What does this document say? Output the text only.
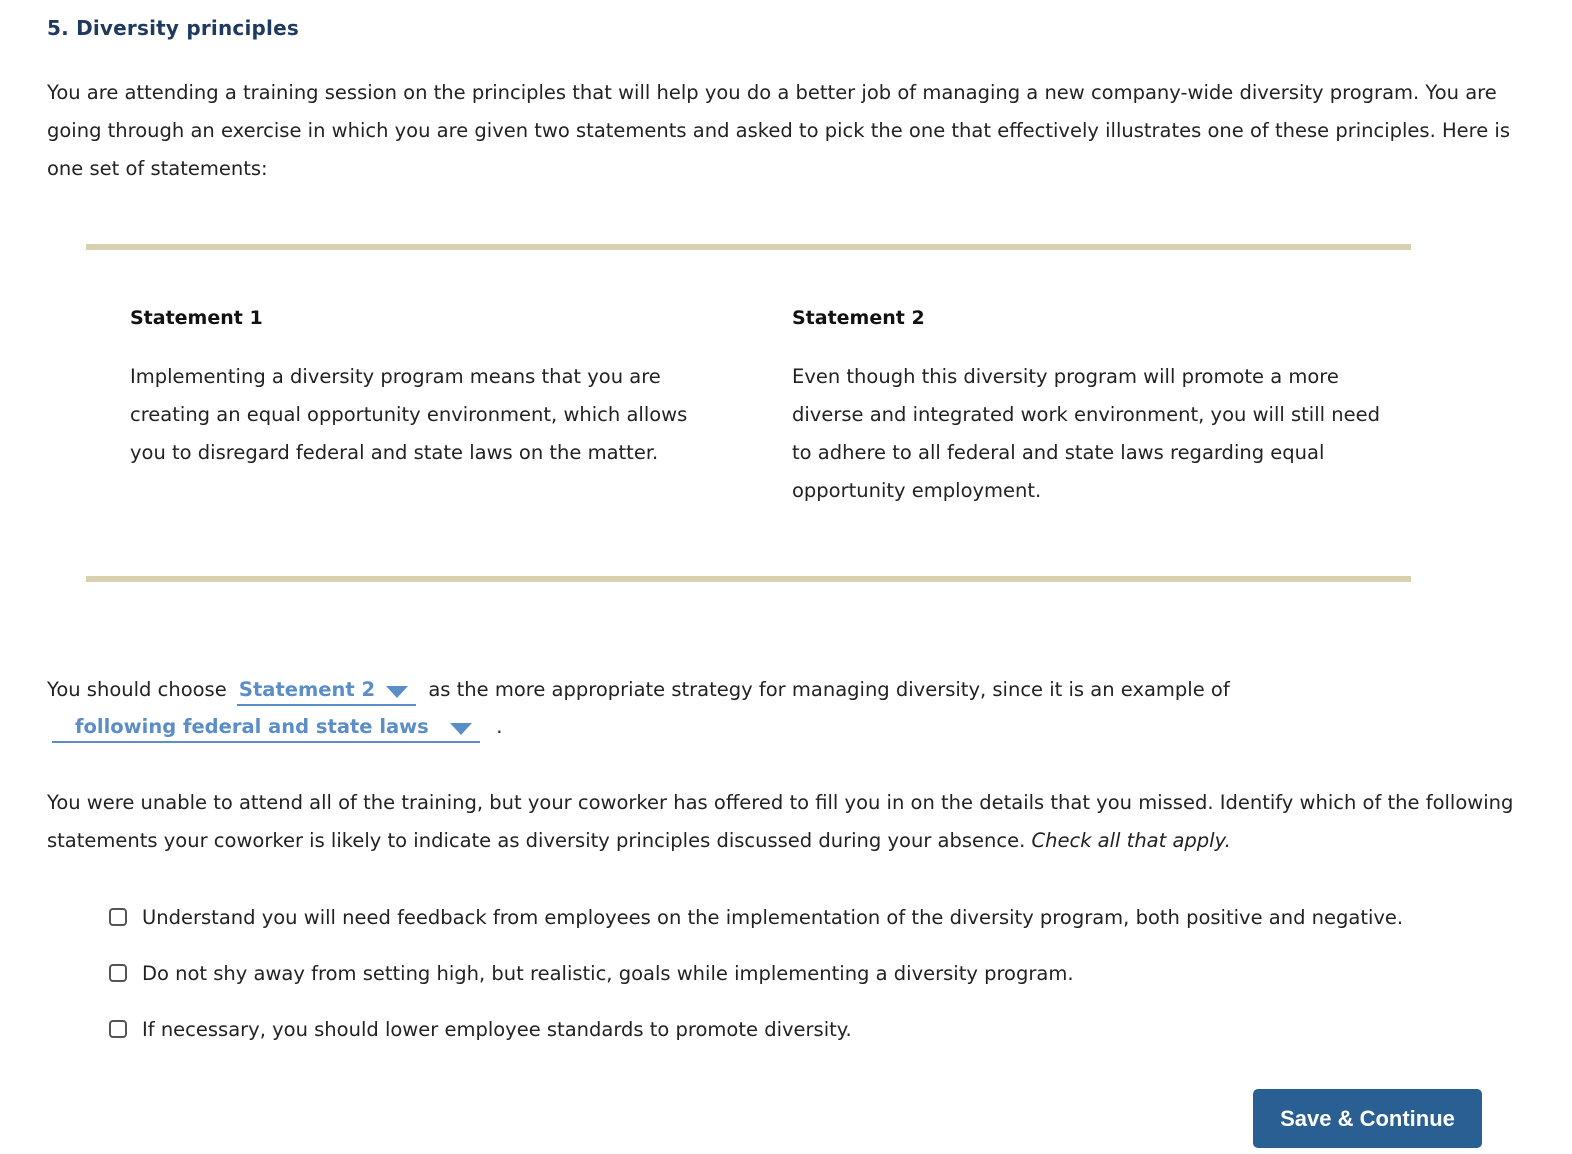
5. Diversity principles

You are attending a training session on the principles that will help you do a better job of managing a new company-wide diversity program. You are going through an exercise in which you are given two statements and asked to pick the one that effectively illustrates one of these principles. Here is one set of statements:

Statement 1

Implementing a diversity program means that you are creating an equal opportunity environment, which allows you to disregard federal and state laws on the matter.

Statement 2

Even though this diversity program will promote a more diverse and integrated work environment, you will still need to adhere to all federal and state laws regarding equal opportunity employment.

You should choose Statement 2	as the more appropriate strategy for managing diversity, since it is an example of
following federal and state laws	.

You were unable to attend all of the training, but your coworker has offered to fill you in on the details that you missed. Identify which of the following statements your coworker is likely to indicate as diversity principles discussed during your absence. Check all that apply.

Understand you will need feedback from employees on the implementation of the diversity program, both positive and negative.
Do not shy away from setting high, but realistic, goals while implementing a diversity program.
If necessary, you should lower employee standards to promote diversity.
Save & Continue
